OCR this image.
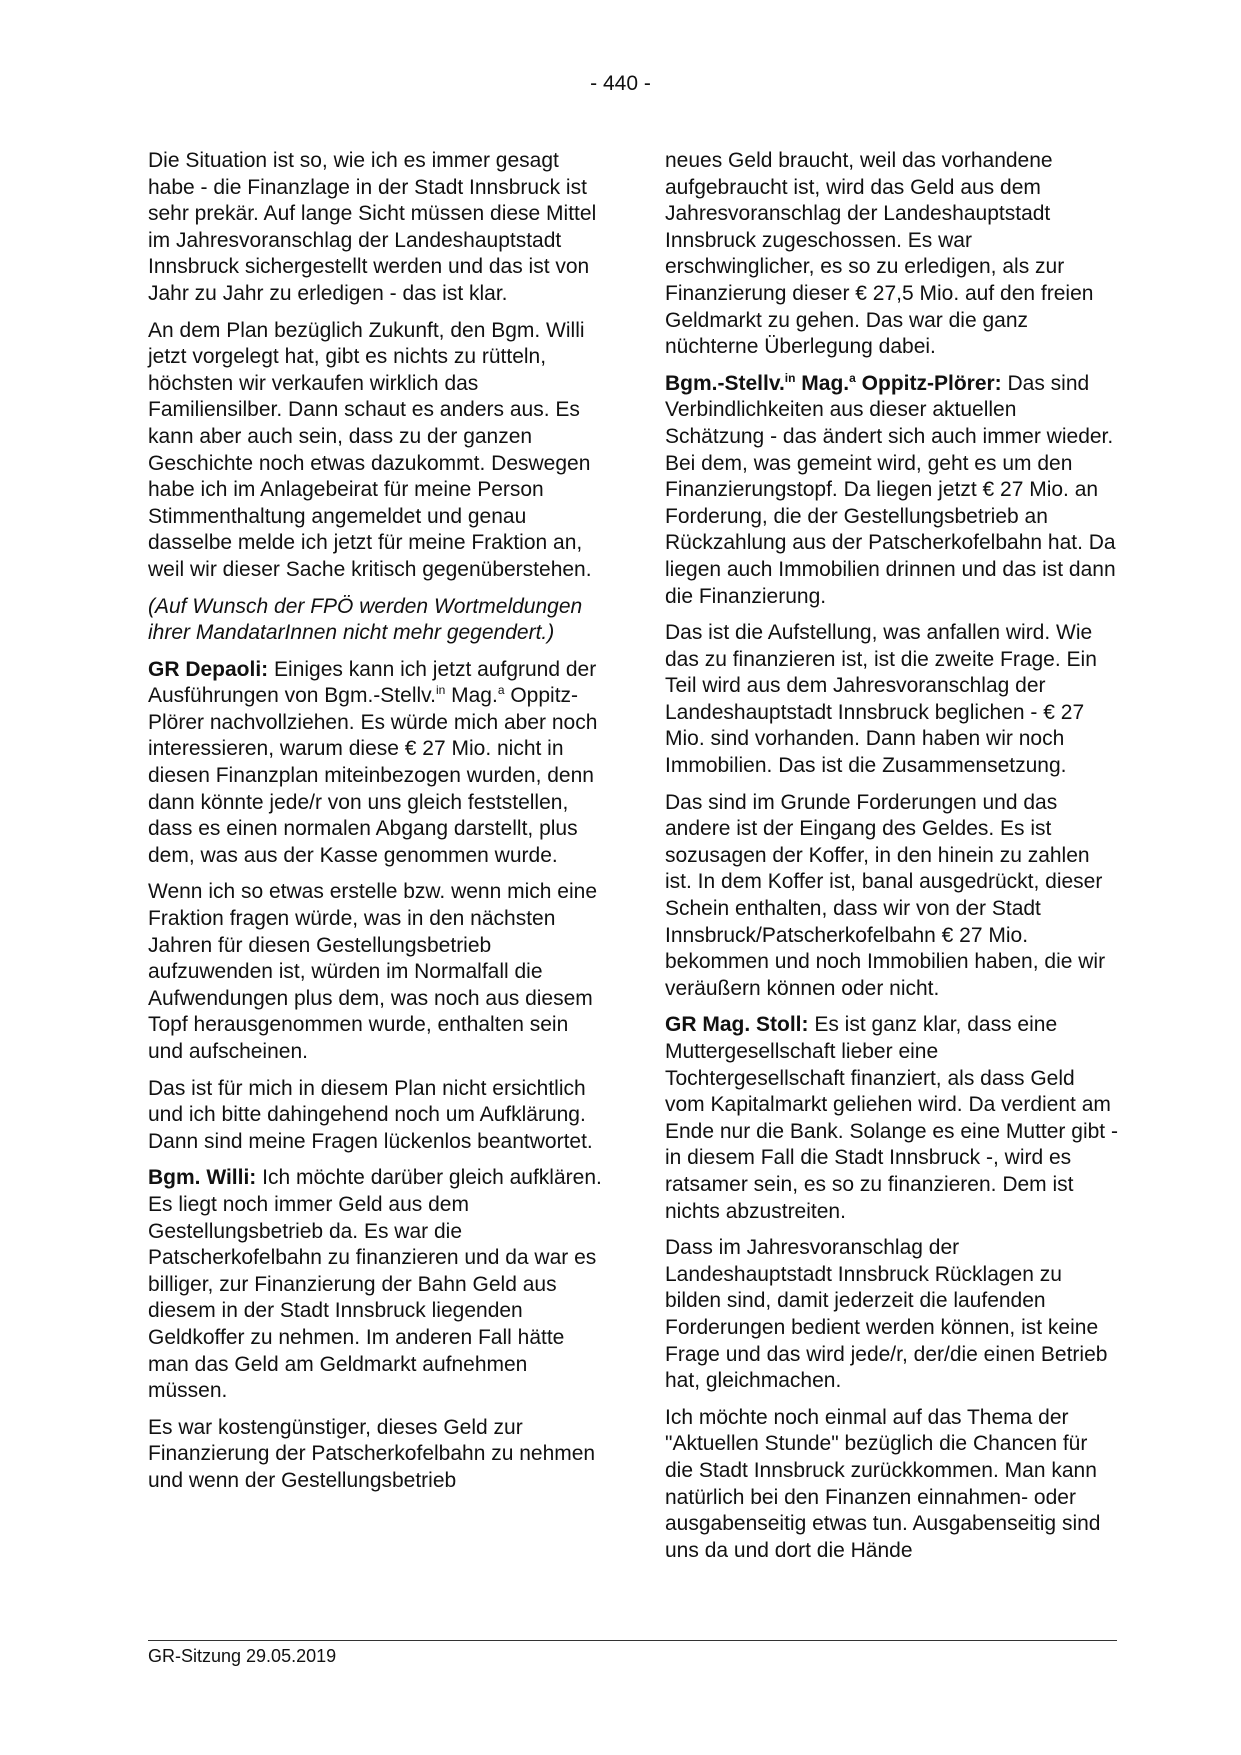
- 440 -

Die Situation ist so, wie ich es immer gesagt habe - die Finanzlage in der Stadt Innsbruck ist sehr prekär. Auf lange Sicht müssen diese Mittel im Jahresvoranschlag der Landeshauptstadt Innsbruck sichergestellt werden und das ist von Jahr zu Jahr zu erledigen - das ist klar.

An dem Plan bezüglich Zukunft, den Bgm. Willi jetzt vorgelegt hat, gibt es nichts zu rütteln, höchsten wir verkaufen wirklich das Familiensilber. Dann schaut es anders aus. Es kann aber auch sein, dass zu der ganzen Geschichte noch etwas dazukommt. Deswegen habe ich im Anlagebeirat für meine Person Stimmenthaltung angemeldet und genau dasselbe melde ich jetzt für meine Fraktion an, weil wir dieser Sache kritisch gegenüberstehen.

(Auf Wunsch der FPÖ werden Wortmeldungen ihrer MandatarInnen nicht mehr gegendert.)

GR Depaoli: Einiges kann ich jetzt aufgrund der Ausführungen von Bgm.-Stellv.$^{in}$ Mag.$^a$ Oppitz-Plörer nachvollziehen. Es würde mich aber noch interessieren, warum diese € 27 Mio. nicht in diesen Finanzplan miteinbezogen wurden, denn dann könnte jede/r von uns gleich feststellen, dass es einen normalen Abgang darstellt, plus dem, was aus der Kasse genommen wurde.

Wenn ich so etwas erstelle bzw. wenn mich eine Fraktion fragen würde, was in den nächsten Jahren für diesen Gestellungsbetrieb aufzuwenden ist, würden im Normalfall die Aufwendungen plus dem, was noch aus diesem Topf herausgenommen wurde, enthalten sein und aufscheinen.

Das ist für mich in diesem Plan nicht ersichtlich und ich bitte dahingehend noch um Aufklärung. Dann sind meine Fragen lückenlos beantwortet.

Bgm. Willi: Ich möchte darüber gleich aufklären. Es liegt noch immer Geld aus dem Gestellungsbetrieb da. Es war die Patscherkofelbahn zu finanzieren und da war es billiger, zur Finanzierung der Bahn Geld aus diesem in der Stadt Innsbruck liegenden Geldkoffer zu nehmen. Im anderen Fall hätte man das Geld am Geldmarkt aufnehmen müssen.

Es war kostengünstiger, dieses Geld zur Finanzierung der Patscherkofelbahn zu nehmen und wenn der Gestellungsbetrieb

neues Geld braucht, weil das vorhandene aufgebraucht ist, wird das Geld aus dem Jahresvoranschlag der Landeshauptstadt Innsbruck zugeschossen. Es war erschwinglicher, es so zu erledigen, als zur Finanzierung dieser € 27,5 Mio. auf den freien Geldmarkt zu gehen. Das war die ganz nüchterne Überlegung dabei.

Bgm.-Stellv.$^{in}$ Mag.$^a$ Oppitz-Plörer: Das sind Verbindlichkeiten aus dieser aktuellen Schätzung - das ändert sich auch immer wieder. Bei dem, was gemeint wird, geht es um den Finanzierungstopf. Da liegen jetzt € 27 Mio. an Forderung, die der Gestellungsbetrieb an Rückzahlung aus der Patscherkofelbahn hat. Da liegen auch Immobilien drinnen und das ist dann die Finanzierung.

Das ist die Aufstellung, was anfallen wird. Wie das zu finanzieren ist, ist die zweite Frage. Ein Teil wird aus dem Jahresvoranschlag der Landeshauptstadt Innsbruck beglichen - € 27 Mio. sind vorhanden. Dann haben wir noch Immobilien. Das ist die Zusammensetzung.

Das sind im Grunde Forderungen und das andere ist der Eingang des Geldes. Es ist sozusagen der Koffer, in den hinein zu zahlen ist. In dem Koffer ist, banal ausgedrückt, dieser Schein enthalten, dass wir von der Stadt Innsbruck/Patscherkofelbahn € 27 Mio. bekommen und noch Immobilien haben, die wir veräußern können oder nicht.

GR Mag. Stoll: Es ist ganz klar, dass eine Muttergesellschaft lieber eine Tochtergesellschaft finanziert, als dass Geld vom Kapitalmarkt geliehen wird. Da verdient am Ende nur die Bank. Solange es eine Mutter gibt - in diesem Fall die Stadt Innsbruck -, wird es ratsamer sein, es so zu finanzieren. Dem ist nichts abzustreiten.

Dass im Jahresvoranschlag der Landeshauptstadt Innsbruck Rücklagen zu bilden sind, damit jederzeit die laufenden Forderungen bedient werden können, ist keine Frage und das wird jede/r, der/die einen Betrieb hat, gleichmachen.

Ich möchte noch einmal auf das Thema der "Aktuellen Stunde" bezüglich die Chancen für die Stadt Innsbruck zurückkommen. Man kann natürlich bei den Finanzen einnahmen- oder ausgabenseitig etwas tun. Ausgabenseitig sind uns da und dort die Hände

GR-Sitzung 29.05.2019
